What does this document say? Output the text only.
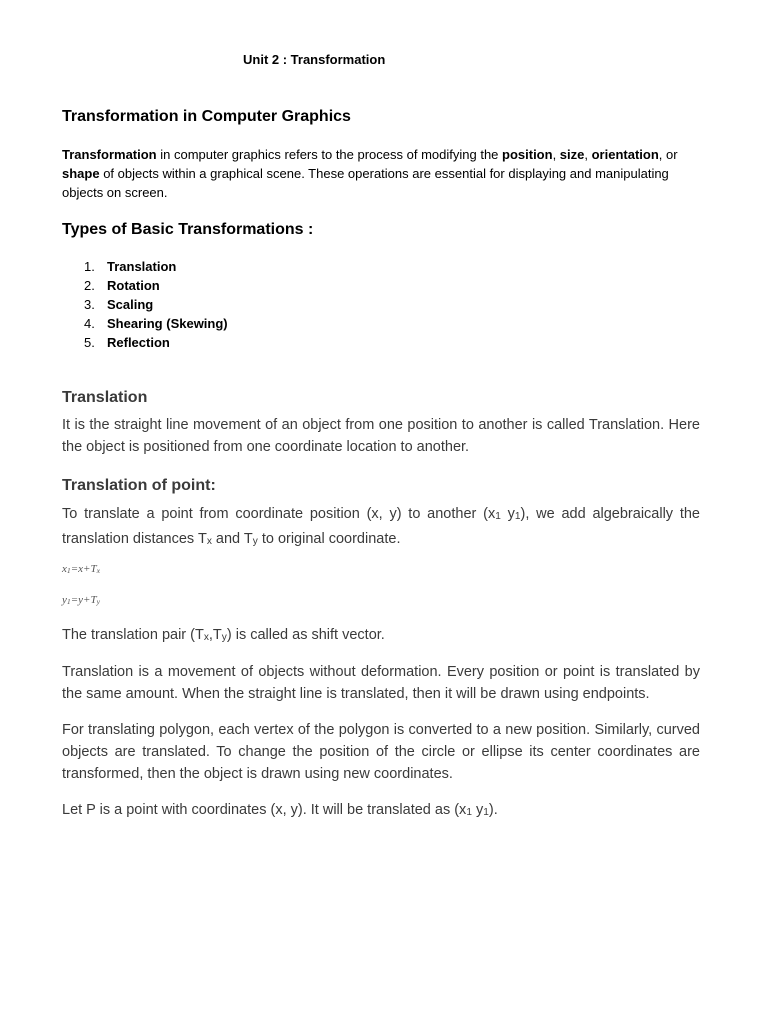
Unit 2 : Transformation
Transformation in Computer Graphics

Transformation in computer graphics refers to the process of modifying the position, size, orientation, or shape of objects within a graphical scene. These operations are essential for displaying and manipulating objects on screen.

Types of Basic Transformations :
1. Translation
2. Rotation
3. Scaling
4. Shearing (Skewing)
5. Reflection
Translation

It is the straight line movement of an object from one position to another is called Translation. Here the object is positioned from one coordinate location to another.

Translation of point:

To translate a point from coordinate position (x, y) to another (x1 y1), we add algebraically the translation distances Tx and Ty to original coordinate.

x1=x+Tx

y1=y+Ty

The translation pair (Tx,Ty) is called as shift vector.

Translation is a movement of objects without deformation. Every position or point is translated by the same amount. When the straight line is translated, then it will be drawn using endpoints.

For translating polygon, each vertex of the polygon is converted to a new position. Similarly, curved objects are translated. To change the position of the circle or ellipse its center coordinates are transformed, then the object is drawn using new coordinates.

Let P is a point with coordinates (x, y). It will be translated as (x1 y1).
